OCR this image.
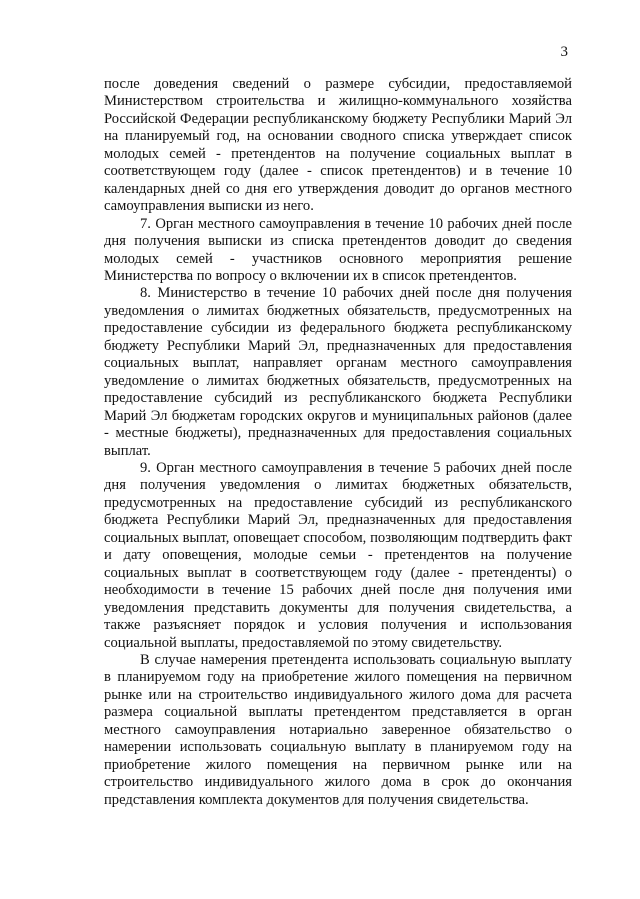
3

после доведения сведений о размере субсидии, предоставляемой Министерством строительства и жилищно-коммунального хозяйства Российской Федерации республиканскому бюджету Республики Марий Эл на планируемый год, на основании сводного списка утверждает список молодых семей - претендентов на получение социальных выплат в соответствующем году (далее - список претендентов) и в течение 10 календарных дней со дня его утверждения доводит до органов местного самоуправления выписки из него.

7. Орган местного самоуправления в течение 10 рабочих дней после дня получения выписки из списка претендентов доводит до сведения молодых семей - участников основного мероприятия решение Министерства по вопросу о включении их в список претендентов.

8. Министерство в течение 10 рабочих дней после дня получения уведомления о лимитах бюджетных обязательств, предусмотренных на предоставление субсидии из федерального бюджета республиканскому бюджету Республики Марий Эл, предназначенных для предоставления социальных выплат, направляет органам местного самоуправления уведомление о лимитах бюджетных обязательств, предусмотренных на предоставление субсидий из республиканского бюджета Республики Марий Эл бюджетам городских округов и муниципальных районов (далее - местные бюджеты), предназначенных для предоставления социальных выплат.

9. Орган местного самоуправления в течение 5 рабочих дней после дня получения уведомления о лимитах бюджетных обязательств, предусмотренных на предоставление субсидий из республиканского бюджета Республики Марий Эл, предназначенных для предоставления социальных выплат, оповещает способом, позволяющим подтвердить факт и дату оповещения, молодые семьи - претендентов на получение социальных выплат в соответствующем году (далее - претенденты) о необходимости в течение 15 рабочих дней после дня получения ими уведомления представить документы для получения свидетельства, а также разъясняет порядок и условия получения и использования социальной выплаты, предоставляемой по этому свидетельству.

В случае намерения претендента использовать социальную выплату в планируемом году на приобретение жилого помещения на первичном рынке или на строительство индивидуального жилого дома для расчета размера социальной выплаты претендентом представляется в орган местного самоуправления нотариально заверенное обязательство о намерении использовать социальную выплату в планируемом году на приобретение жилого помещения на первичном рынке или на строительство индивидуального жилого дома в срок до окончания представления комплекта документов для получения свидетельства.
